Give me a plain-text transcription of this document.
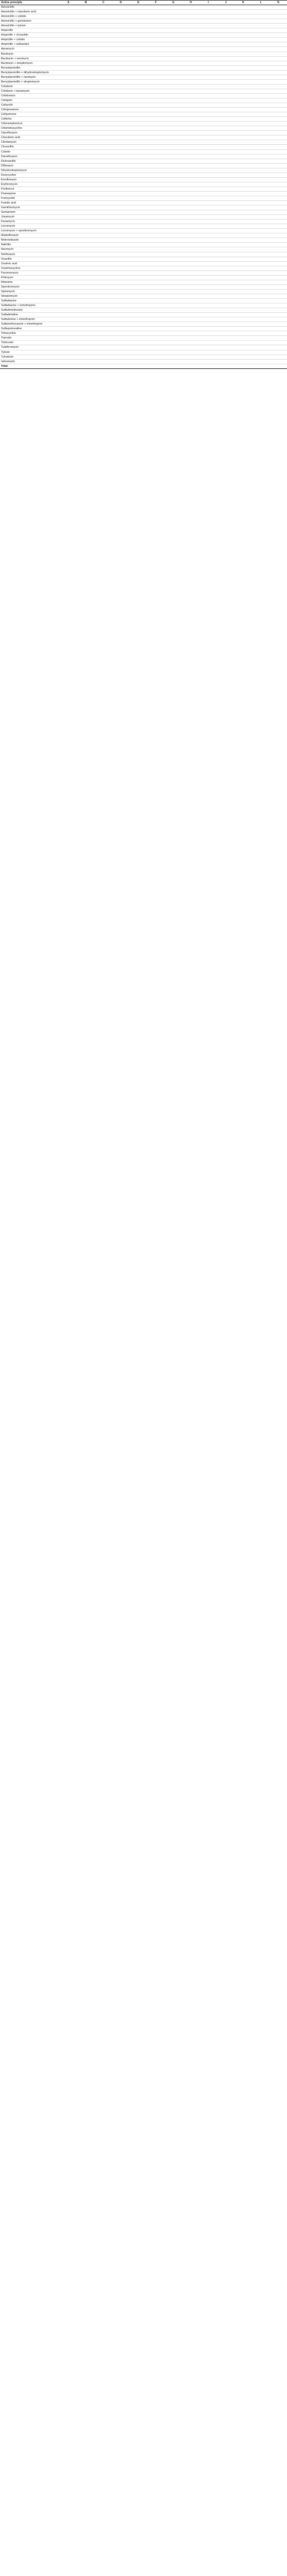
Active principle	A	B	C	D	E	F	G	H	I	J	K	L	%
Amoxicillin													
Amoxicillin + clavulanic acid													
Amoxicillin + colistin													
Amoxicillin + gentamicin													
Amoxicillin + tylosin													
Ampicillin													
Ampicillin + cloxacillin													
Ampicillin + colistin													
Ampicillin + sulbactam													
Apramycin													
Bacitracin													
Bacitracin + neomycin													
Bacitracin + streptomycin													
Benzylpenicillin													
Benzylpenicillin + dihydrostreptomycin													
Benzylpenicillin + neomycin													
Benzylpenicillin + streptomycin													
Cefalexin													
Cefalexin + kanamycin													
Cefalonium													
Cefapirin													
Cefazolin													
Cefoperazone													
Cefquinome													
Ceftiofur													
Chloramphenicol													
Chlortetracycline													
Ciprofloxacin													
Clavulanic acid													
Clindamycin													
Cloxacillin													
Colistin													
Danofloxacin													
Dicloxacillin													
Difloxacin													
Dihydrostreptomycin													
Doxycycline													
Enrofloxacin													
Erythromycin													
Florfenicol													
Flumequine													
Framycetin													
Fusidic acid													
Gamithromycin													
Gentamicin													
Josamycin													
Kanamycin													
Lincomycin													
Lincomycin + spectinomycin													
Marbofloxacin													
Metronidazole													
Nafcillin													
Neomycin													
Norfloxacin													
Oxacillin													
Oxolinic acid													
Oxytetracycline													
Paromomycin													
Pirlimycin													
Rifaximin													
Spectinomycin													
Spiramycin													
Streptomycin													
Sulfadiazine													
Sulfadiazine + trimethoprim													
Sulfadimethoxine													
Sulfadimidine													
Sulfadoxine + trimethoprim													
Sulfamethoxazole + trimethoprim													
Sulfaquinoxaline													
Tetracycline													
Tiamulin													
Tilmicosin													
Tulathromycin													
Tylosin													
Tylvalosin													
Valnemulin													
Total													
